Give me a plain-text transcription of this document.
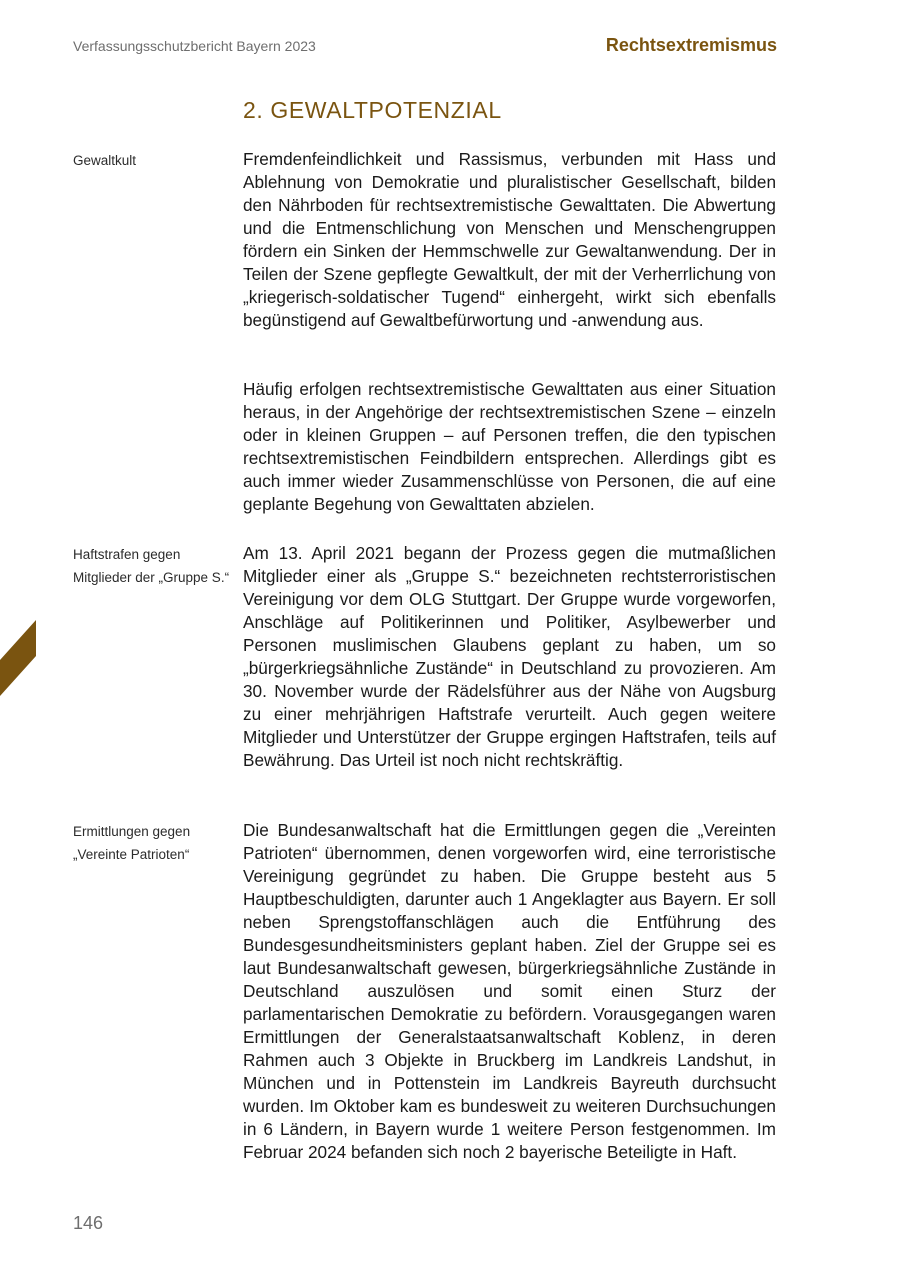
Verfassungsschutzbericht Bayern 2023	Rechtsextremismus
2. GEWALTPOTENZIAL
Gewaltkult	Fremdenfeindlichkeit und Rassismus, verbunden mit Hass und Ablehnung von Demokratie und pluralistischer Gesellschaft, bilden den Nährboden für rechtsextremistische Gewalttaten. Die Abwertung und die Entmenschlichung von Menschen und Menschengruppen fördern ein Sinken der Hemmschwelle zur Gewaltanwendung. Der in Teilen der Szene gepflegte Gewaltkult, der mit der Verherrlichung von „kriegerisch-soldatischer Tugend“ einhergeht, wirkt sich ebenfalls begünstigend auf Gewaltbefürwortung und -anwendung aus.

Häufig erfolgen rechtsextremistische Gewalttaten aus einer Situation heraus, in der Angehörige der rechtsextremistischen Szene – einzeln oder in kleinen Gruppen – auf Personen treffen, die den typischen rechtsextremistischen Feindbildern entsprechen. Allerdings gibt es auch immer wieder Zusammenschlüsse von Personen, die auf eine geplante Begehung von Gewalttaten abzielen.

Haftstrafen gegen Mitglieder der „Gruppe S.“

Am 13. April 2021 begann der Prozess gegen die mutmaßlichen Mitglieder einer als „Gruppe S.“ bezeichneten rechtsterroristischen Vereinigung vor dem OLG Stuttgart. Der Gruppe wurde vorgeworfen, Anschläge auf Politikerinnen und Politiker, Asylbewerber und Personen muslimischen Glaubens geplant zu haben, um so „bürgerkriegsähnliche Zustände“ in Deutschland zu provozieren. Am 30. November wurde der Rädelsführer aus der Nähe von Augsburg zu einer mehrjährigen Haftstrafe verurteilt. Auch gegen weitere Mitglieder und Unterstützer der Gruppe ergingen Haftstrafen, teils auf Bewährung. Das Urteil ist noch nicht rechtskräftig.

Ermittlungen gegen „Vereinte Patrioten“

Die Bundesanwaltschaft hat die Ermittlungen gegen die „Vereinten Patrioten“ übernommen, denen vorgeworfen wird, eine terroristische Vereinigung gegründet zu haben. Die Gruppe besteht aus 5 Hauptbeschuldigten, darunter auch 1 Angeklagter aus Bayern. Er soll neben Sprengstoffanschlägen auch die Entführung des Bundesgesundheitsministers geplant haben. Ziel der Gruppe sei es laut Bundesanwaltschaft gewesen, bürgerkriegsähnliche Zustände in Deutschland auszulösen und somit einen Sturz der parlamentarischen Demokratie zu befördern. Vorausgegangen waren Ermittlungen der Generalstaatsanwaltschaft Koblenz, in deren Rahmen auch 3 Objekte in Bruckberg im Landkreis Landshut, in München und in Pottenstein im Landkreis Bayreuth durchsucht wurden. Im Oktober kam es bundesweit zu weiteren Durchsuchungen in 6 Ländern, in Bayern wurde 1 weitere Person festgenommen. Im Februar 2024 befanden sich noch 2 bayerische Beteiligte in Haft.

146
